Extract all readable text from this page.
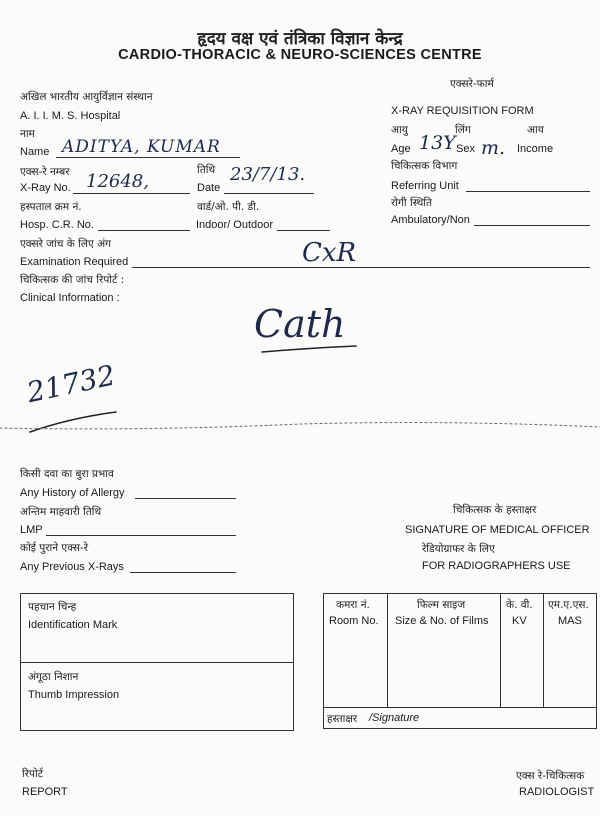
हृदय वक्ष एवं तंत्रिका विज्ञान केन्द्र
CARDIO-THORACIC & NEURO-SCIENCES CENTRE
अखिल भारतीय आयुर्विज्ञान संस्थान
A. I. I. M. S. Hospital
नाम
Name ADITYA, KUMAR
एक्स-रे नम्बर
X-Ray No. 12648,
तिथि
Date
23/7/13.
हस्पताल क्रम नं.
Hosp. C.R. No.
वार्ड/ओ. पी. डी.
Indoor/ Outdoor
एक्सरे जांच के लिए अंग
Examination Required	CxR
चिकित्सक की जांच रिपोर्ट :
Clinical Information :
Cath
21732
एक्सरे-फार्म
X-RAY REQUISITION FORM
आयु	लिंग	आय
Age 13Y Sex m. Income
चिकित्सक विभाग
Referring Unit
रोगी स्थिति
Ambulatory/Non
किसी दवा का बुरा प्रभाव
Any History of Allergy
अन्तिम माहवारी तिथि
LMP
कोई पुराने एक्स-रे
Any Previous X-Rays
चिकित्सक के हस्ताक्षर
SIGNATURE OF MEDICAL OFFICER
रेडियोग्राफर के लिए
FOR RADIOGRAPHERS USE
पहचान चिन्ह
Identification Mark
अंगूठा निशान
Thumb Impression
कमरा नं.
Room No.
फिल्म साइज
Size & No. of Films
के. वी.
KV
एम.ए.एस.
MAS
हस्ताक्षर /Signature
रिपोर्ट
REPORT
एक्स रे-चिकित्सक
RADIOLOGIST
